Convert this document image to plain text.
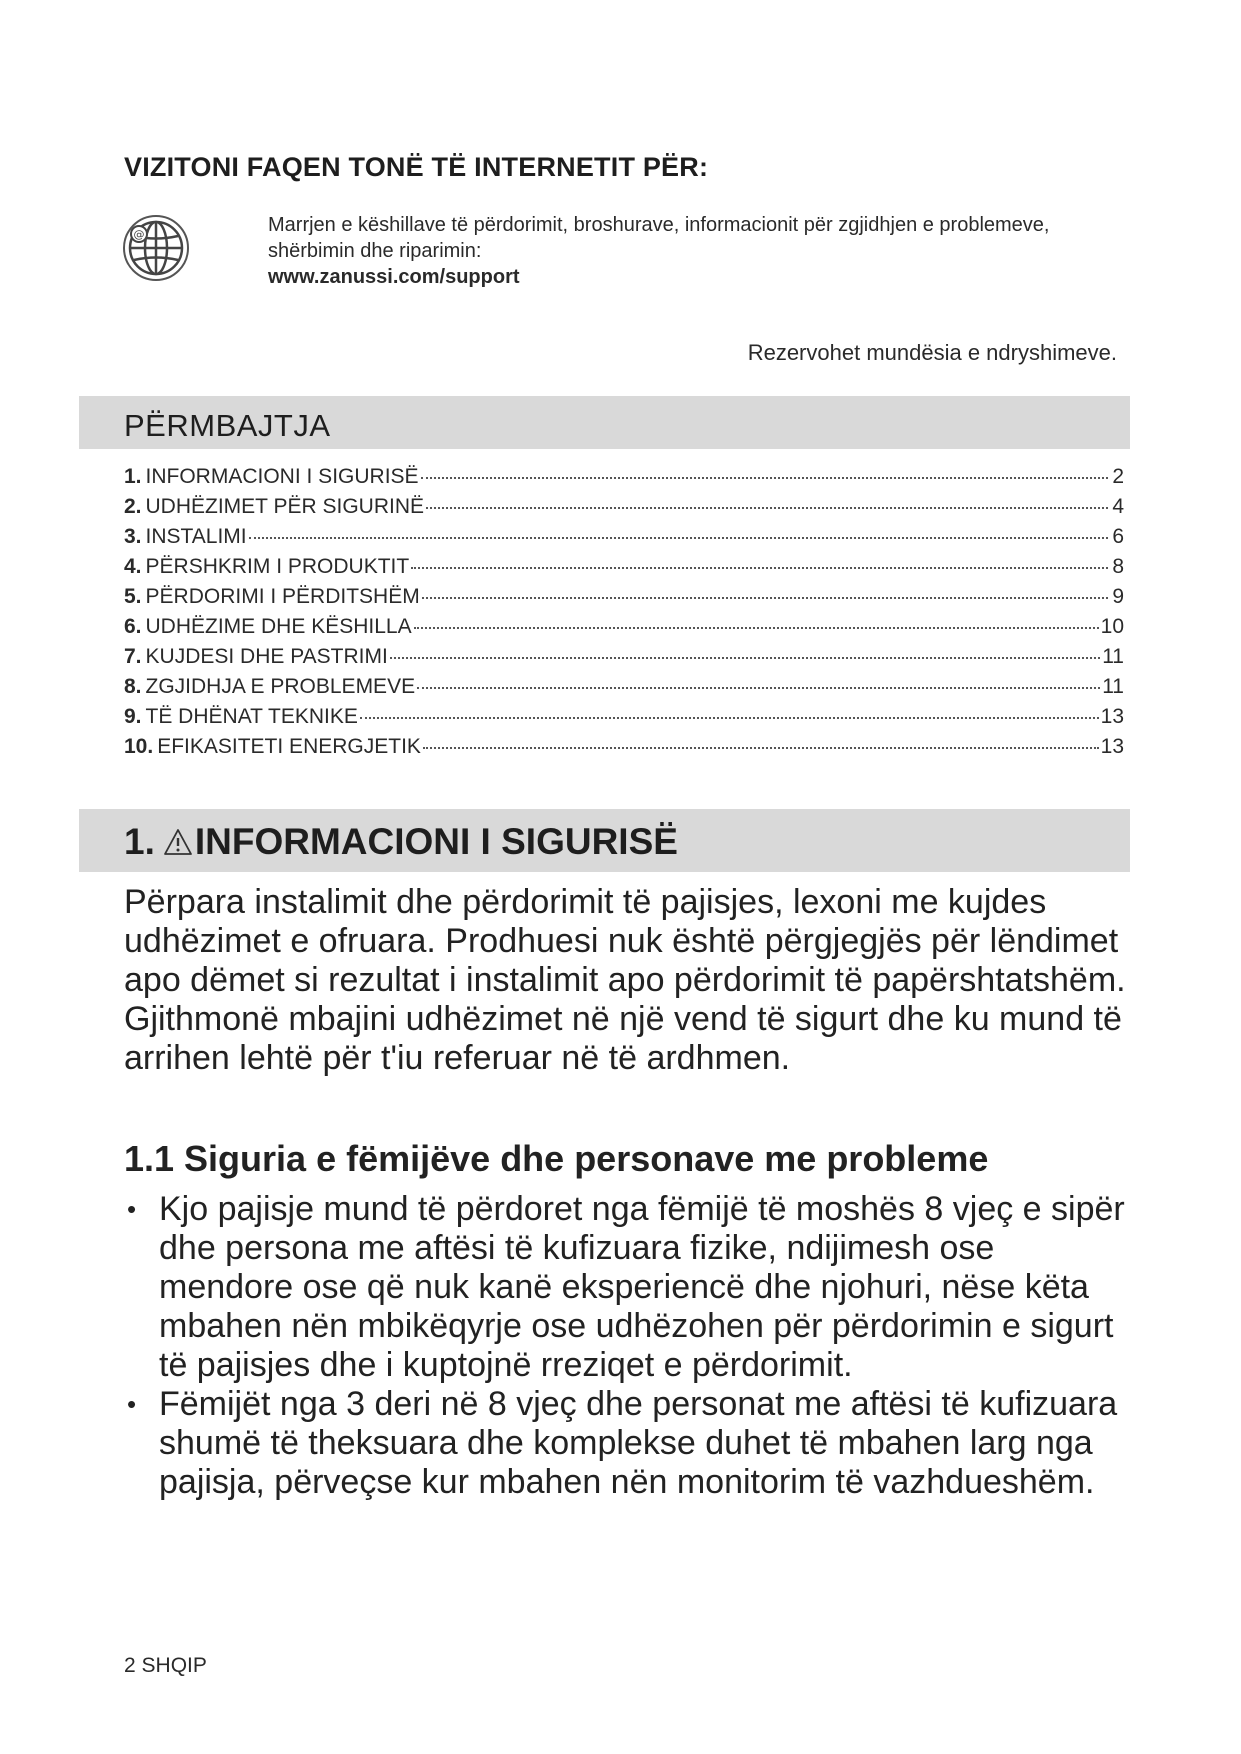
VIZITONI FAQEN TONË TË INTERNETIT PËR:
@	Marrjen e këshillave të përdorimit, broshurave, informacionit për zgjidhjen e problemeve, shërbimin dhe riparimin:
www.zanussi.com/support
Rezervohet mundësia e ndryshimeve.
PËRMBAJTJA
1. INFORMACIONI I SIGURISË	2
2. UDHËZIMET PËR SIGURINË	4
3. INSTALIMI	6
4. PËRSHKRIM I PRODUKTIT	8
5. PËRDORIMI I PËRDITSHËM	9
6. UDHËZIME DHE KËSHILLA	10
7. KUJDESI DHE PASTRIMI	11
8. ZGJIDHJA E PROBLEMEVE	11
9. TË DHËNAT TEKNIKE	13
10. EFIKASITETI ENERGJETIK	13
1. INFORMACIONI I SIGURISË

Përpara instalimit dhe përdorimit të pajisjes, lexoni me kujdes udhëzimet e ofruara. Prodhuesi nuk është përgjegjës për lëndimet apo dëmet si rezultat i instalimit apo përdorimit të papërshtatshëm. Gjithmonë mbajini udhëzimet në një vend të sigurt dhe ku mund të arrihen lehtë për t'iu referuar në të ardhmen.

1.1 Siguria e fëmijëve dhe personave me probleme
• Kjo pajisje mund të përdoret nga fëmijë të moshës 8 vjeç e sipër dhe persona me aftësi të kufizuara fizike, ndijimesh ose mendore ose që nuk kanë eksperiencë dhe njohuri, nëse këta mbahen nën mbikëqyrje ose udhëzohen për përdorimin e sigurt të pajisjes dhe i kuptojnë rreziqet e përdorimit.
• Fëmijët nga 3 deri në 8 vjeç dhe personat me aftësi të kufizuara shumë të theksuara dhe komplekse duhet të mbahen larg nga pajisja, përveçse kur mbahen nën monitorim të vazhdueshëm.
2 SHQIP
